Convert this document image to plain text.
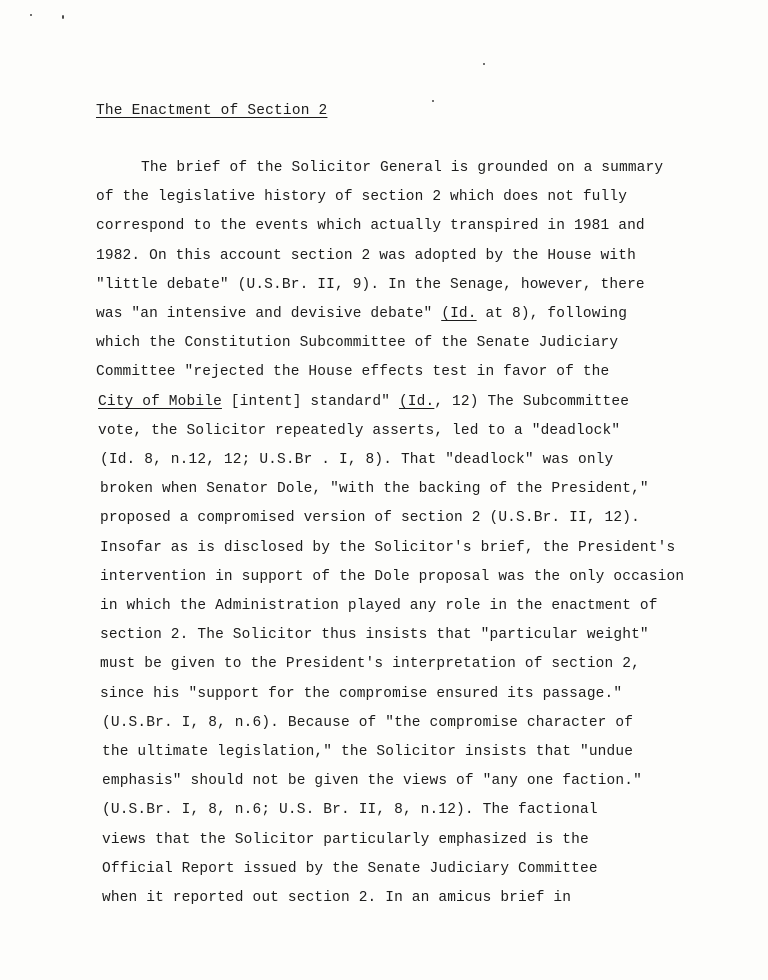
The Enactment of Section 2
The brief of the Solicitor General is grounded on a summary
of the legislative history of section 2 which does not fully
correspond to the events which actually transpired in 1981 and
1982. On this account section 2 was adopted by the House with
"little debate" (U.S.Br. II, 9). In the Senage, however, there
was "an intensive and devisive debate" (Id. at 8), following
which the Constitution Subcommittee of the Senate Judiciary
Committee "rejected the House effects test in favor of the
City of Mobile [intent] standard" (Id., 12) The Subcommittee
vote, the Solicitor repeatedly asserts, led to a "deadlock"
(Id. 8, n.12, 12; U.S.Br . I, 8). That "deadlock" was only
broken when Senator Dole, "with the backing of the President,"
proposed a compromised version of section 2 (U.S.Br. II, 12).
Insofar as is disclosed by the Solicitor's brief, the President's
intervention in support of the Dole proposal was the only occasion
in which the Administration played any role in the enactment of
section 2. The Solicitor thus insists that "particular weight"
must be given to the President's interpretation of section 2,
since his "support for the compromise ensured its passage."
(U.S.Br. I, 8, n.6). Because of "the compromise character of
the ultimate legislation," the Solicitor insists that "undue
emphasis" should not be given the views of "any one faction."
(U.S.Br. I, 8, n.6; U.S. Br. II, 8, n.12). The factional
views that the Solicitor particularly emphasized is the
Official Report issued by the Senate Judiciary Committee
when it reported out section 2. In an amicus brief in
